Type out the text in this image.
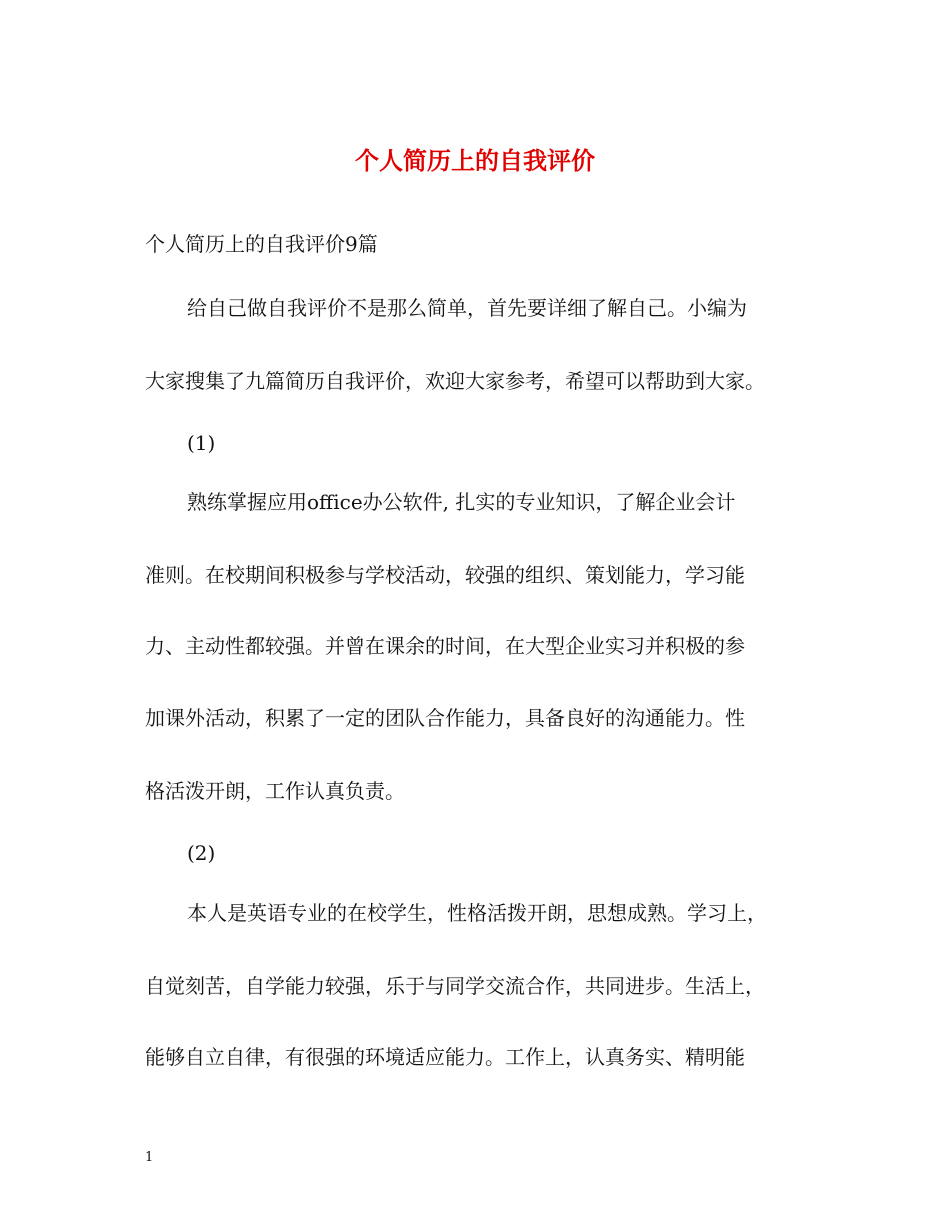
个人简历上的自我评价
个人简历上的自我评价9篇
给自己做自我评价不是那么简单，首先要详细了解自己。小编为
大家搜集了九篇简历自我评价，欢迎大家参考，希望可以帮助到大家。
(1)
熟练掌握应用office办公软件, 扎实的专业知识，了解企业会计
准则。在校期间积极参与学校活动，较强的组织、策划能力，学习能
力、主动性都较强。并曾在课余的时间，在大型企业实习并积极的参
加课外活动，积累了一定的团队合作能力，具备良好的沟通能力。性
格活泼开朗，工作认真负责。
(2)
本人是英语专业的在校学生，性格活拨开朗，思想成熟。学习上，
自觉刻苦，自学能力较强，乐于与同学交流合作，共同进步。生活上，
能够自立自律，有很强的环境适应能力。工作上，认真务实、精明能
1
